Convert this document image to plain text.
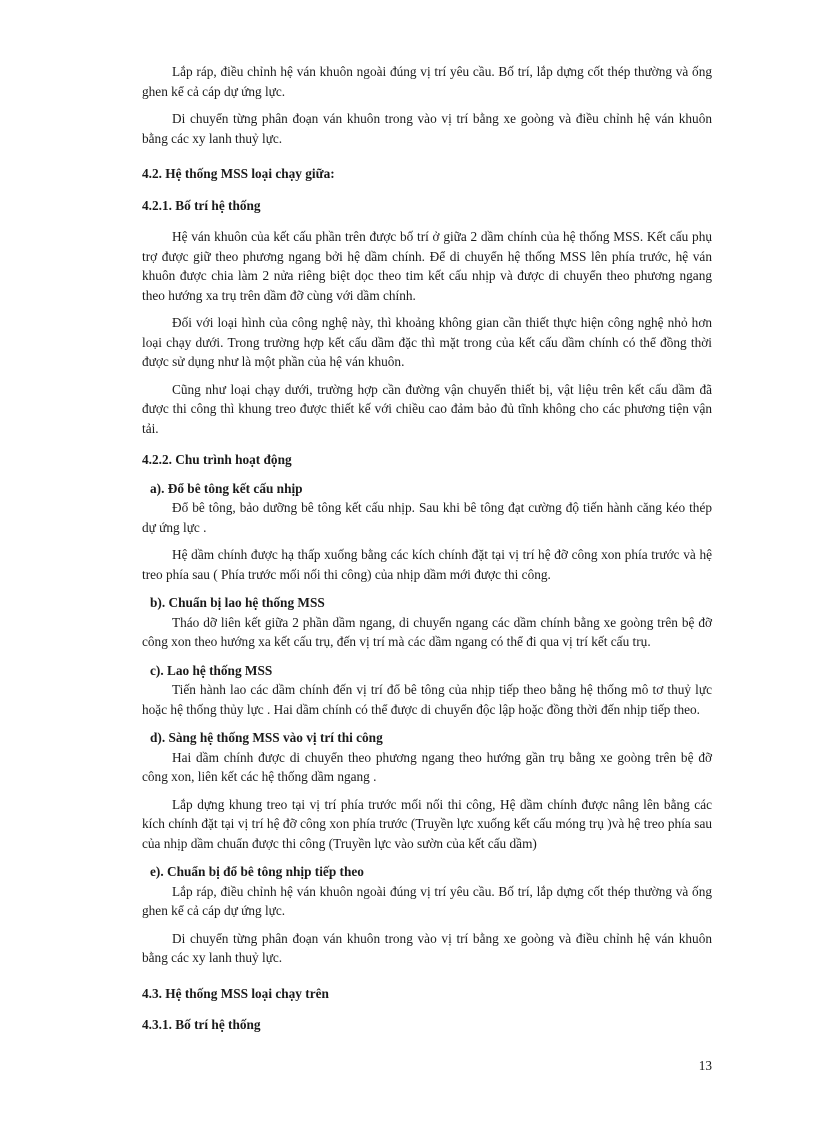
Lắp ráp, điều chỉnh hệ ván khuôn ngoài đúng vị trí yêu cầu. Bố trí, lắp dựng cốt thép thường và ống ghen kể cả cáp dự ứng lực.

Di chuyển từng phân đoạn ván khuôn trong vào vị trí bằng xe goòng và điều chỉnh hệ ván khuôn bằng các xy lanh thuỷ lực.

4.2. Hệ thống MSS loại chạy giữa:
4.2.1. Bố trí hệ thống

Hệ ván khuôn của kết cấu phần trên được bố trí ở giữa 2 dầm chính của hệ thống MSS. Kết cấu phụ trợ được giữ theo phương ngang bởi hệ dầm chính. Để di chuyển hệ thống MSS lên phía trước, hệ ván khuôn được chia làm 2 nửa riêng biệt dọc theo tim kết cấu nhịp và được di chuyển theo phương ngang theo hướng xa trụ trên dầm đỡ cùng với dầm chính.

Đối với loại hình của công nghệ này, thì khoảng không gian cần thiết thực hiện công nghệ nhỏ hơn loại chạy dưới. Trong trường hợp kết cấu dầm đặc thì mặt trong của kết cấu dầm chính có thể đồng thời được sử dụng như là một phần của hệ ván khuôn.

Cũng như loại chạy dưới, trường hợp cần đường vận chuyển thiết bị, vật liệu trên kết cấu dầm đã được thi công thì khung treo được thiết kế với chiều cao đảm bảo đủ tĩnh không cho các phương tiện vận tải.

4.2.2. Chu trình hoạt động
a). Đổ bê tông kết cấu nhịp

Đổ bê tông, bảo dưỡng bê tông kết cấu nhịp. Sau khi bê tông đạt cường độ tiến hành căng kéo thép dự ứng lực .

Hệ dầm chính được hạ thấp xuống bằng các kích chính đặt tại vị trí hệ đỡ công xon phía trước và hệ treo phía sau ( Phía trước mối nối thi công) của nhịp dầm mới được thi công.

b). Chuẩn bị lao hệ thống MSS

Tháo dỡ liên kết giữa 2 phần dầm ngang, di chuyển ngang các dầm chính bằng xe goòng trên bệ đỡ công xon theo hướng xa kết cấu trụ, đến vị trí mà các dầm ngang có thể đi qua vị trí kết cấu trụ.

c). Lao hệ thống MSS

Tiến hành lao các dầm chính đến vị trí đổ bê tông của nhịp tiếp theo bằng hệ thống mô tơ thuỷ lực hoặc hệ thống thủy lực . Hai dầm chính có thể được di chuyển độc lập hoặc đồng thời đến nhịp tiếp theo.

d). Sàng hệ thống MSS vào vị trí thi công

Hai dầm chính được di chuyển theo phương ngang theo hướng gần trụ bằng xe goòng trên bệ đỡ công xon, liên kết các hệ thống dầm ngang .

Lắp dựng khung treo tại vị trí phía trước mối nối thi công, Hệ dầm chính được nâng lên bằng các kích chính đặt tại vị trí hệ đỡ công xon phía trước (Truyền lực xuống kết cấu móng trụ )và hệ treo phía sau của nhịp dầm chuẩn được thi công (Truyền lực vào sườn của kết cấu dầm)

e). Chuẩn bị đổ bê tông nhịp tiếp theo

Lắp ráp, điều chỉnh hệ ván khuôn ngoài đúng vị trí yêu cầu. Bố trí, lắp dựng cốt thép thường và ống ghen kể cả cáp dự ứng lực.

Di chuyển từng phân đoạn ván khuôn trong vào vị trí bằng xe goòng và điều chỉnh hệ ván khuôn bằng các xy lanh thuỷ lực.

4.3. Hệ thống MSS loại chạy trên
4.3.1. Bố trí hệ thống
13
